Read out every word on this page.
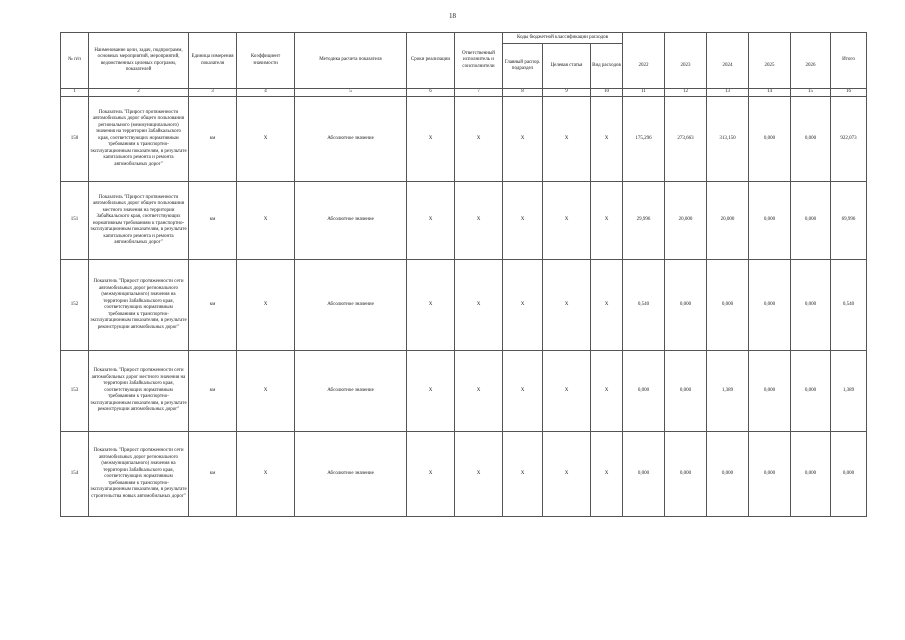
18
№ п/п	Наименование цели, задач, подпрограмм, основных мероприятий, мероприятий, ведомственных целевых программ, показателей	Единица измерения показателя	Коэффициент значимости	Методика расчета показателя	Сроки реализации	Ответственный исполнитель и соисполнители	Коды бюджетной классификации расходов								Итого
							Главный распор. подраздел	Целевая статья	Вид расходов	2022	2023	2024	2025	2026	
1	2	3	4	5	6	7	8	9	10	11	12	13	14	15	16
150	Показатель "Прирост протяженности автомобильных дорог общего пользования регионального (межмуниципального) значения на территории Забайкальского края, соответствующих нормативным требованиям к транспортно-эксплуатационным показателям, в результате капитального ремонта и ремонта автомобильных дорог"	км	Х	Абсолютное значение	Х	Х	Х	Х	Х	175,296	273,663	313,150	0,000	0,000	922,073
151	Показатель "Прирост протяженности автомобильных дорог общего пользования местного значения на территории Забайкальского края, соответствующих нормативным требованиям к транспортно-эксплуатационным показателям, в результате капитального ремонта и ремонта автомобильных дорог"	км	Х	Абсолютное значение	Х	Х	Х	Х	Х	29,996	20,000	20,000	0,000	0,000	69,996
152	Показатель "Прирост протяженности сети автомобильных дорог регионального (межмуниципального) значения на территории Забайкальского края, соответствующих нормативным требованиям к транспортно-эксплуатационным показателям, в результате реконструкции автомобильных дорог"	км	Х	Абсолютное значение	Х	Х	Х	Х	Х	0,540	0,000	0,000	0,000	0,000	0,540
153	Показатель "Прирост протяженности сети автомобильных дорог местного значения на территории Забайкальского края, соответствующих нормативным требованиям к транспортно-эксплуатационным показателям, в результате реконструкции автомобильных дорог"	км	Х	Абсолютное значение	Х	Х	Х	Х	Х	0,000	0,000	1,389	0,000	0,000	1,389
154	Показатель "Прирост протяженности сети автомобильных дорог регионального (межмуниципального) значения на территории Забайкальского края, соответствующих нормативным требованиям к транспортно-эксплуатационным показателям, в результате строительства новых автомобильных дорог"	км	Х	Абсолютное значение	Х	Х	Х	Х	Х	0,000	0,000	0,000	0,000	0,000	0,000
